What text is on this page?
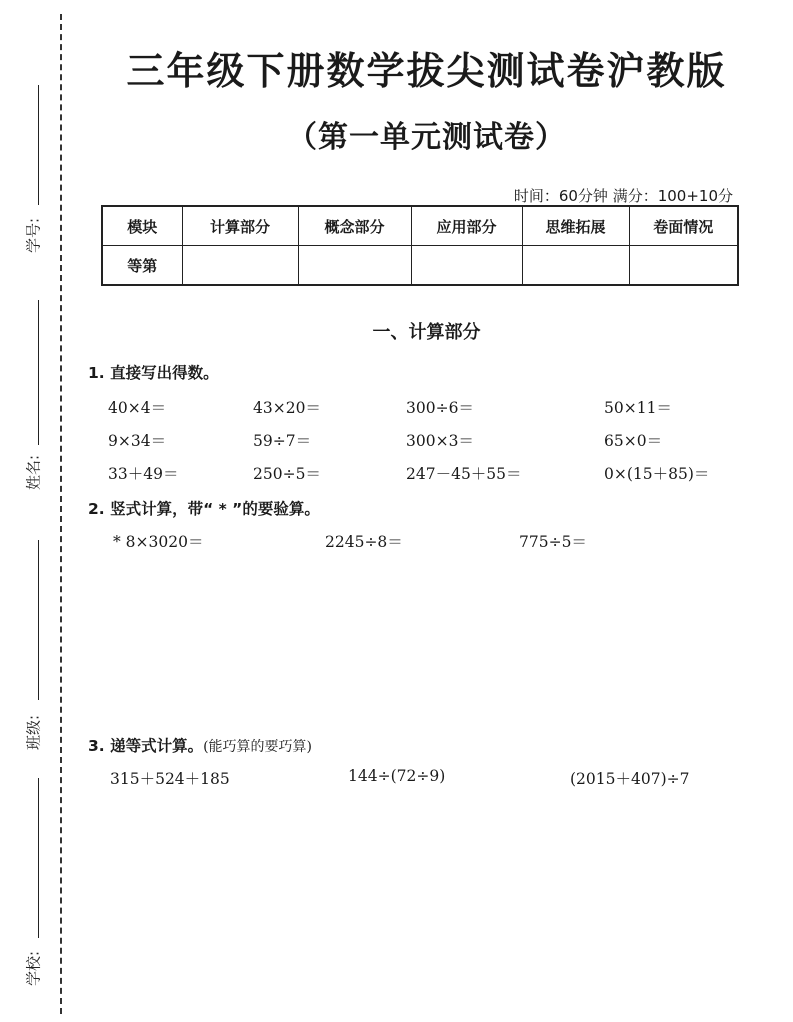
学号:
姓名:
班级:
学校:
三年级下册数学拔尖测试卷沪教版
（第一单元测试卷）
时间：60分钟 满分：100+10分
模块	计算部分	概念部分	应用部分	思维拓展	卷面情况
等第					
一、计算部分
1. 直接写出得数。
40×4＝	43×20＝	300÷6＝	50×11＝
9×34＝	59÷7＝	300×3＝	65×0＝
33＋49＝	250÷5＝	247－45＋55＝	0×(15＋85)＝
2. 竖式计算，带“ * ”的要验算。
* 8×3020＝	2245÷8＝	775÷5＝
3. 递等式计算。(能巧算的要巧算)
315＋524＋185	144÷(72÷9)	(2015＋407)÷7
